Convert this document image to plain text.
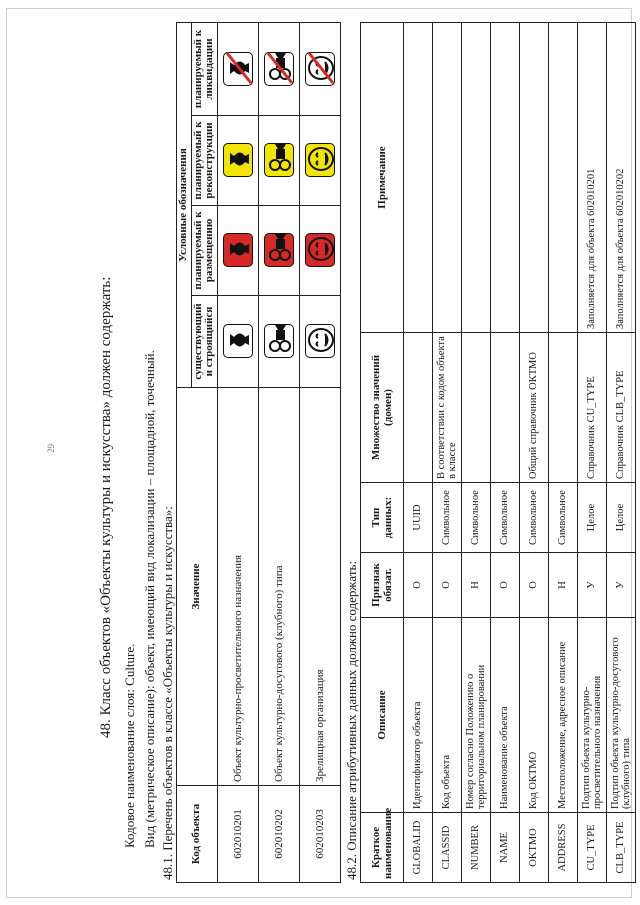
29	48. Класс объектов «Объекты культуры и искусства» должен содержать:
Кодовое наименование слоя: Culture. Вид (метрическое описание): объект, имеющий вид локализации – площадной, точечный. 48.1. Перечень объектов в классе «Объекты культуры и искусства»: Код объекта	Значение	Условные обозначения			
		существующий и строящийся	планируемый к размещению	планируемый к реконструкции	планируемый к ликвидации
602010201	Объект культурно-просветительного назначения	

602010202	Объект культурно-досугового (клубного) типа	

602010203	Зрелищная организация	

	48.2. Описание атрибутивных данных должно содержать: Краткое наименование	Описание	Признак обязат.	Тип данных:	Множество значений (домен)	Примечание
GLOBALID	Идентификатор объекта	О	UUID		
CLASSID	Код объекта	О	Символьное	В соответствии с кодом объекта в классе	
NUMBER	Номер согласно Положению о территориальном планировании	Н	Символьное		
NAME	Наименование объекта	О	Символьное		
OKTMO	Код ОКТМО	О	Символьное	Общий справочник ОКТМО	
ADDRESS	Местоположение, адресное описание	Н	Символьное		
CU_TYPE	Подтип объекта культурно-просветительного назначения	У	Целое	Справочник CU_TYPE	Заполняется для объекта 602010201
CLB_TYPE	Подтип объекта культурно-досугового (клубного) типа	У	Целое	Справочник CLB_TYPE	Заполняется для объекта 602010202
